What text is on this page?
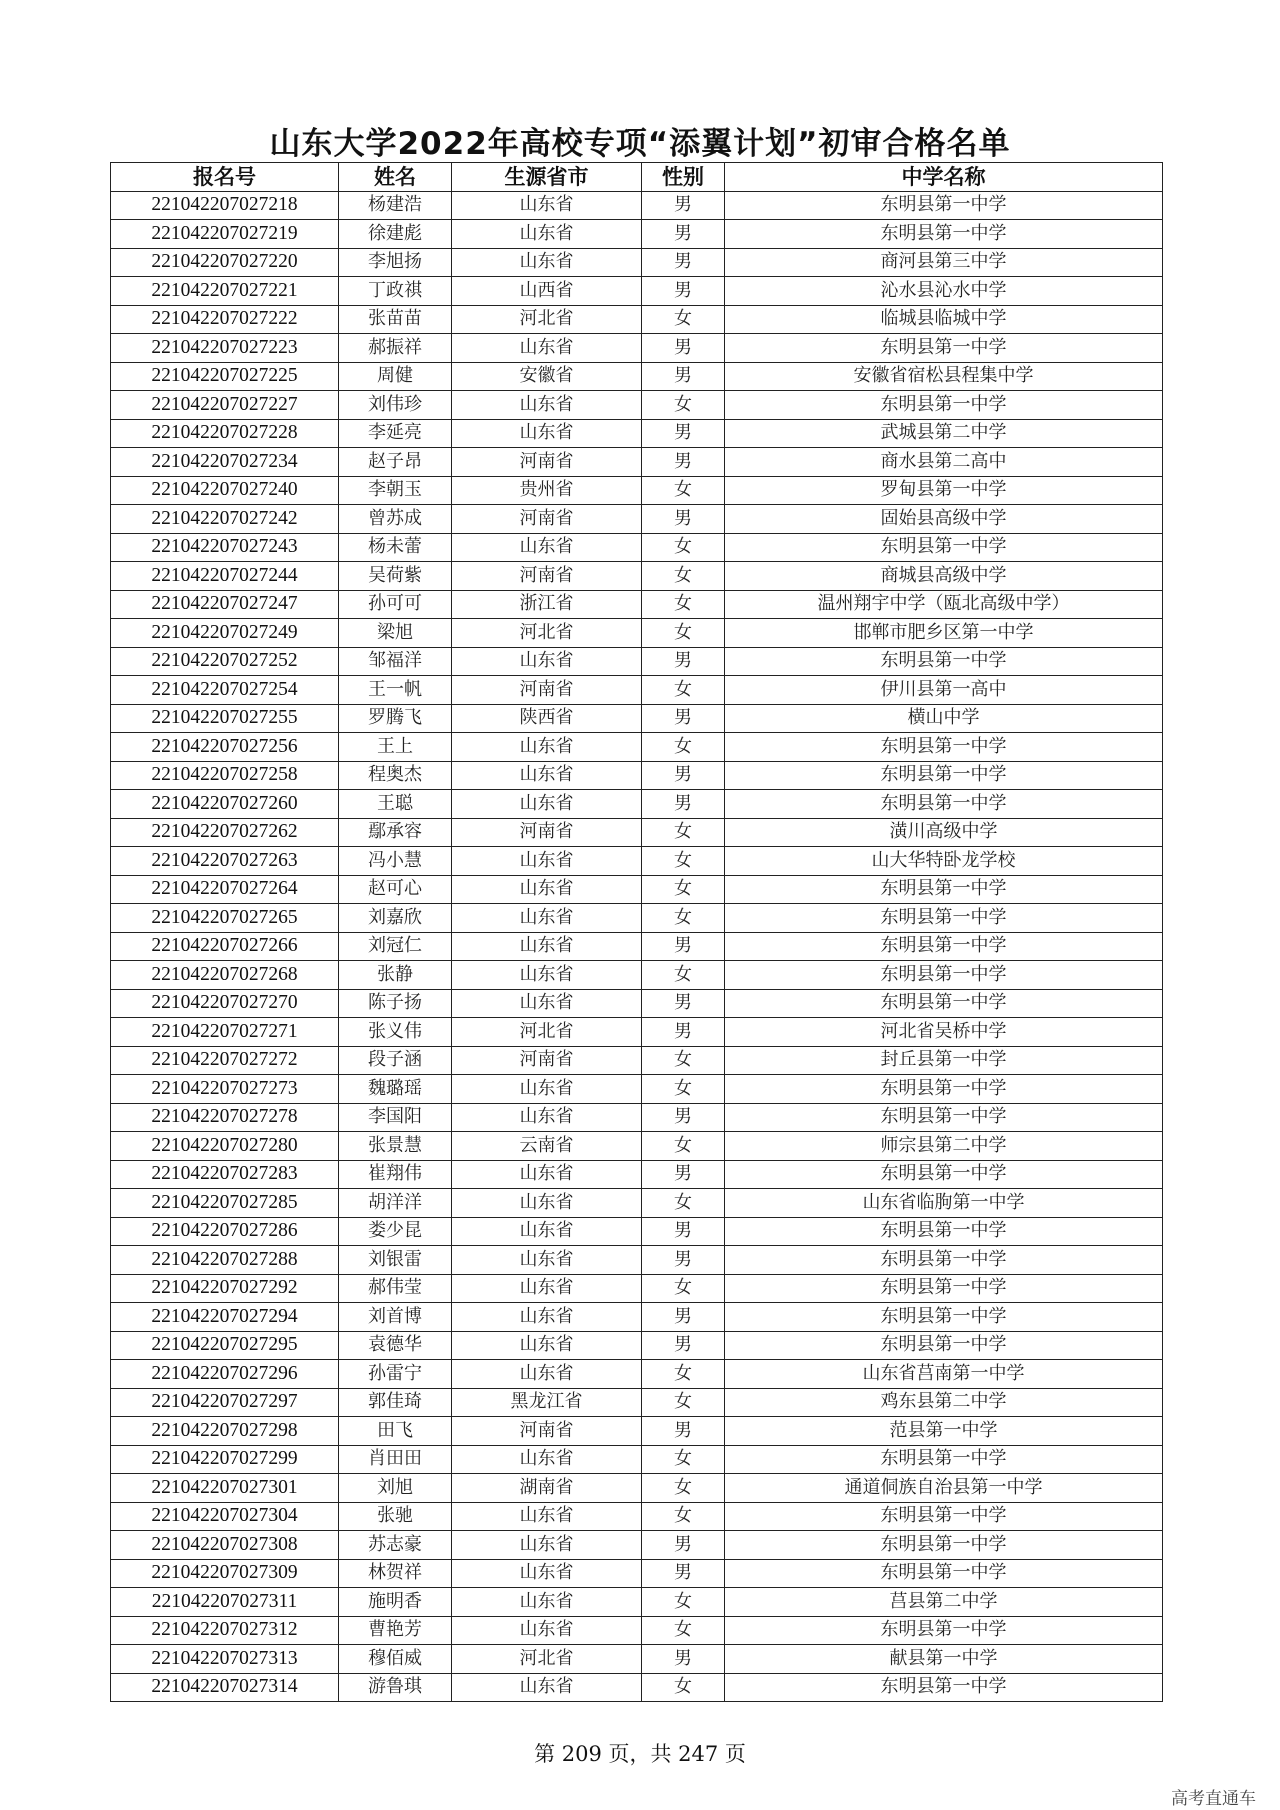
山东大学2022年高校专项“添翼计划”初审合格名单
报名号	姓名	生源省市	性别	中学名称
221042207027218	杨建浩	山东省	男	东明县第一中学
221042207027219	徐建彪	山东省	男	东明县第一中学
221042207027220	李旭扬	山东省	男	商河县第三中学
221042207027221	丁政祺	山西省	男	沁水县沁水中学
221042207027222	张苗苗	河北省	女	临城县临城中学
221042207027223	郝振祥	山东省	男	东明县第一中学
221042207027225	周健	安徽省	男	安徽省宿松县程集中学
221042207027227	刘伟珍	山东省	女	东明县第一中学
221042207027228	李延亮	山东省	男	武城县第二中学
221042207027234	赵子昂	河南省	男	商水县第二高中
221042207027240	李朝玉	贵州省	女	罗甸县第一中学
221042207027242	曾苏成	河南省	男	固始县高级中学
221042207027243	杨未蕾	山东省	女	东明县第一中学
221042207027244	吴荷紫	河南省	女	商城县高级中学
221042207027247	孙可可	浙江省	女	温州翔宇中学（瓯北高级中学）
221042207027249	梁旭	河北省	女	邯郸市肥乡区第一中学
221042207027252	邹福洋	山东省	男	东明县第一中学
221042207027254	王一帆	河南省	女	伊川县第一高中
221042207027255	罗腾飞	陕西省	男	横山中学
221042207027256	王上	山东省	女	东明县第一中学
221042207027258	程奥杰	山东省	男	东明县第一中学
221042207027260	王聪	山东省	男	东明县第一中学
221042207027262	鄢承容	河南省	女	潢川高级中学
221042207027263	冯小慧	山东省	女	山大华特卧龙学校
221042207027264	赵可心	山东省	女	东明县第一中学
221042207027265	刘嘉欣	山东省	女	东明县第一中学
221042207027266	刘冠仁	山东省	男	东明县第一中学
221042207027268	张静	山东省	女	东明县第一中学
221042207027270	陈子扬	山东省	男	东明县第一中学
221042207027271	张义伟	河北省	男	河北省吴桥中学
221042207027272	段子涵	河南省	女	封丘县第一中学
221042207027273	魏璐瑶	山东省	女	东明县第一中学
221042207027278	李国阳	山东省	男	东明县第一中学
221042207027280	张景慧	云南省	女	师宗县第二中学
221042207027283	崔翔伟	山东省	男	东明县第一中学
221042207027285	胡洋洋	山东省	女	山东省临朐第一中学
221042207027286	娄少昆	山东省	男	东明县第一中学
221042207027288	刘银雷	山东省	男	东明县第一中学
221042207027292	郝伟莹	山东省	女	东明县第一中学
221042207027294	刘首博	山东省	男	东明县第一中学
221042207027295	袁德华	山东省	男	东明县第一中学
221042207027296	孙雷宁	山东省	女	山东省莒南第一中学
221042207027297	郭佳琦	黑龙江省	女	鸡东县第二中学
221042207027298	田飞	河南省	男	范县第一中学
221042207027299	肖田田	山东省	女	东明县第一中学
221042207027301	刘旭	湖南省	女	通道侗族自治县第一中学
221042207027304	张驰	山东省	女	东明县第一中学
221042207027308	苏志豪	山东省	男	东明县第一中学
221042207027309	林贺祥	山东省	男	东明县第一中学
221042207027311	施明香	山东省	女	莒县第二中学
221042207027312	曹艳芳	山东省	女	东明县第一中学
221042207027313	穆佰威	河北省	男	献县第一中学
221042207027314	游鲁琪	山东省	女	东明县第一中学
第 209 页，共 247 页
高考直通车
